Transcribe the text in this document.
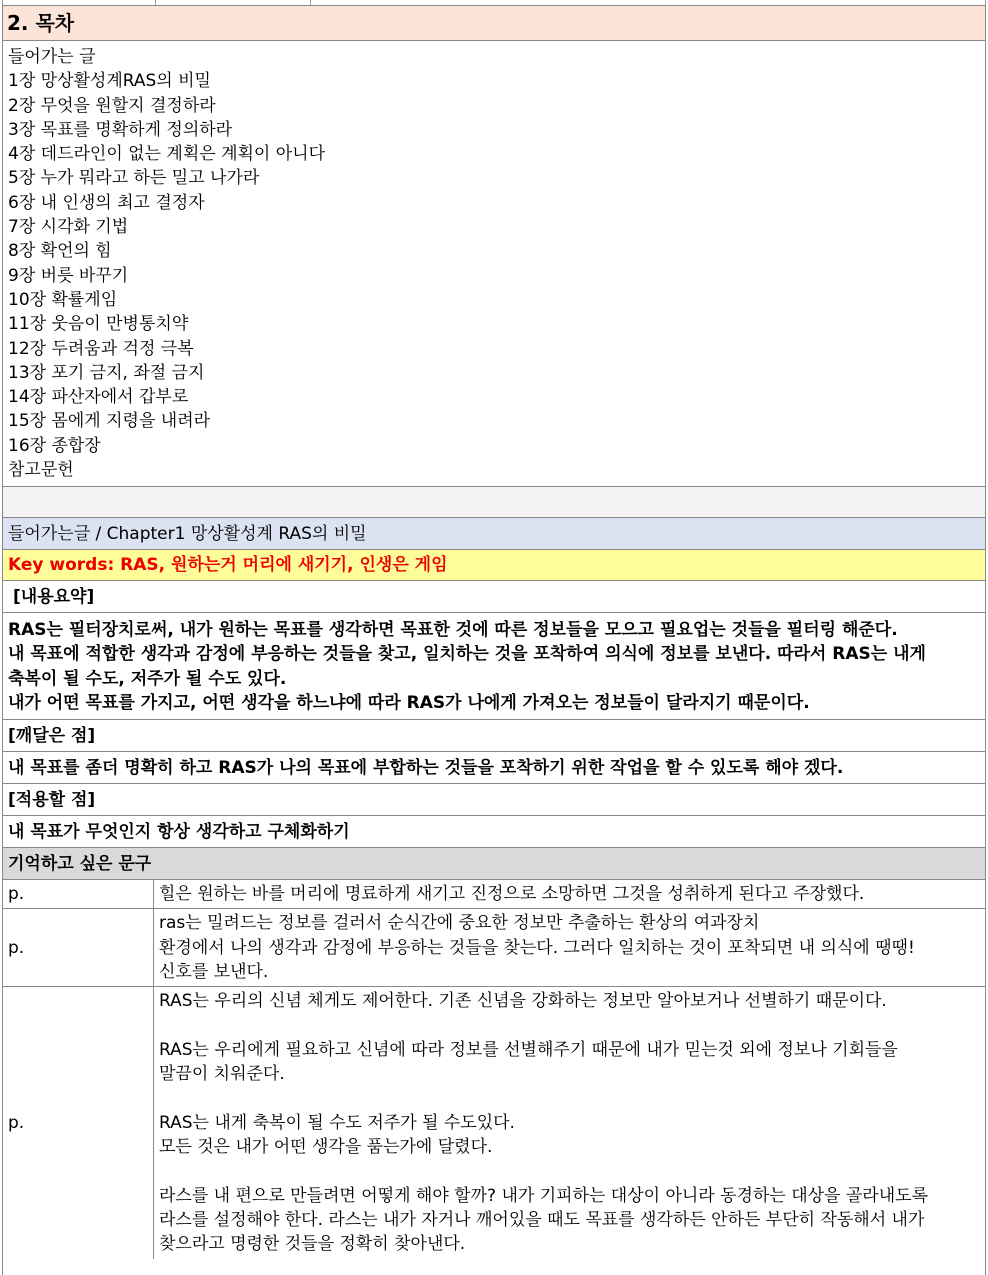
2. 목차
들어가는 글
1장 망상활성계RAS의 비밀
2장 무엇을 원할지 결정하라
3장 목표를 명확하게 정의하라
4장 데드라인이 없는 계획은 계획이 아니다
5장 누가 뭐라고 하든 밀고 나가라
6장 내 인생의 최고 결정자
7장 시각화 기법
8장 확언의 힘
9장 버릇 바꾸기
10장 확률게임
11장 웃음이 만병통치약
12장 두려움과 걱정 극복
13장 포기 금지, 좌절 금지
14장 파산자에서 갑부로
15장 몸에게 지령을 내려라
16장 종합장
참고문헌
들어가는글 / Chapter1 망상활성계 RAS의 비밀
Key words: RAS, 원하는거 머리에 새기기, 인생은 게임
[내용요약]
RAS는 필터장치로써, 내가 원하는 목표를 생각하면 목표한 것에 따른 정보들을 모으고 필요업는 것들을 필터링 해준다.
내 목표에 적합한 생각과 감정에 부응하는 것들을 찾고, 일치하는 것을 포착하여 의식에 정보를 보낸다. 따라서 RAS는 내게
축복이 될 수도, 저주가 될 수도 있다.
내가 어떤 목표를 가지고, 어떤 생각을 하느냐에 따라 RAS가 나에게 가져오는 정보들이 달라지기 때문이다.
[깨달은 점]
내 목표를 좀더 명확히 하고 RAS가 나의 목표에 부합하는 것들을 포착하기 위한 작업을 할 수 있도록 해야 겠다.
[적용할 점]
내 목표가 무엇인지 항상 생각하고 구체화하기
기억하고 싶은 문구
p.	힐은 원하는 바를 머리에 명료하게 새기고 진정으로 소망하면 그것을 성취하게 된다고 주장했다.
p.
ras는 밀려드는 정보를 걸러서 순식간에 중요한 정보만 추출하는 환상의 여과장치
환경에서 나의 생각과 감정에 부응하는 것들을 찾는다. 그러다 일치하는 것이 포착되면 내 의식에 땡땡!
신호를 보낸다.
p.
RAS는 우리의 신념 체게도 제어한다. 기존 신념을 강화하는 정보만 알아보거나 선별하기 때문이다.
RAS는 우리에게 필요하고 신념에 따라 정보를 선별해주기 때문에 내가 믿는것 외에 정보나 기회들을
말끔이 치워준다.
RAS는 내게 축복이 될 수도 저주가 될 수도있다.
모든 것은 내가 어떤 생각을 품는가에 달렸다.
라스를 내 편으로 만들려면 어떻게 해야 할까? 내가 기피하는 대상이 아니라 동경하는 대상을 골라내도록
라스를 설정해야 한다. 라스는 내가 자거나 깨어있을 때도 목표를 생각하든 안하든 부단히 작동해서 내가
찾으라고 명령한 것들을 정확히 찾아낸다.
